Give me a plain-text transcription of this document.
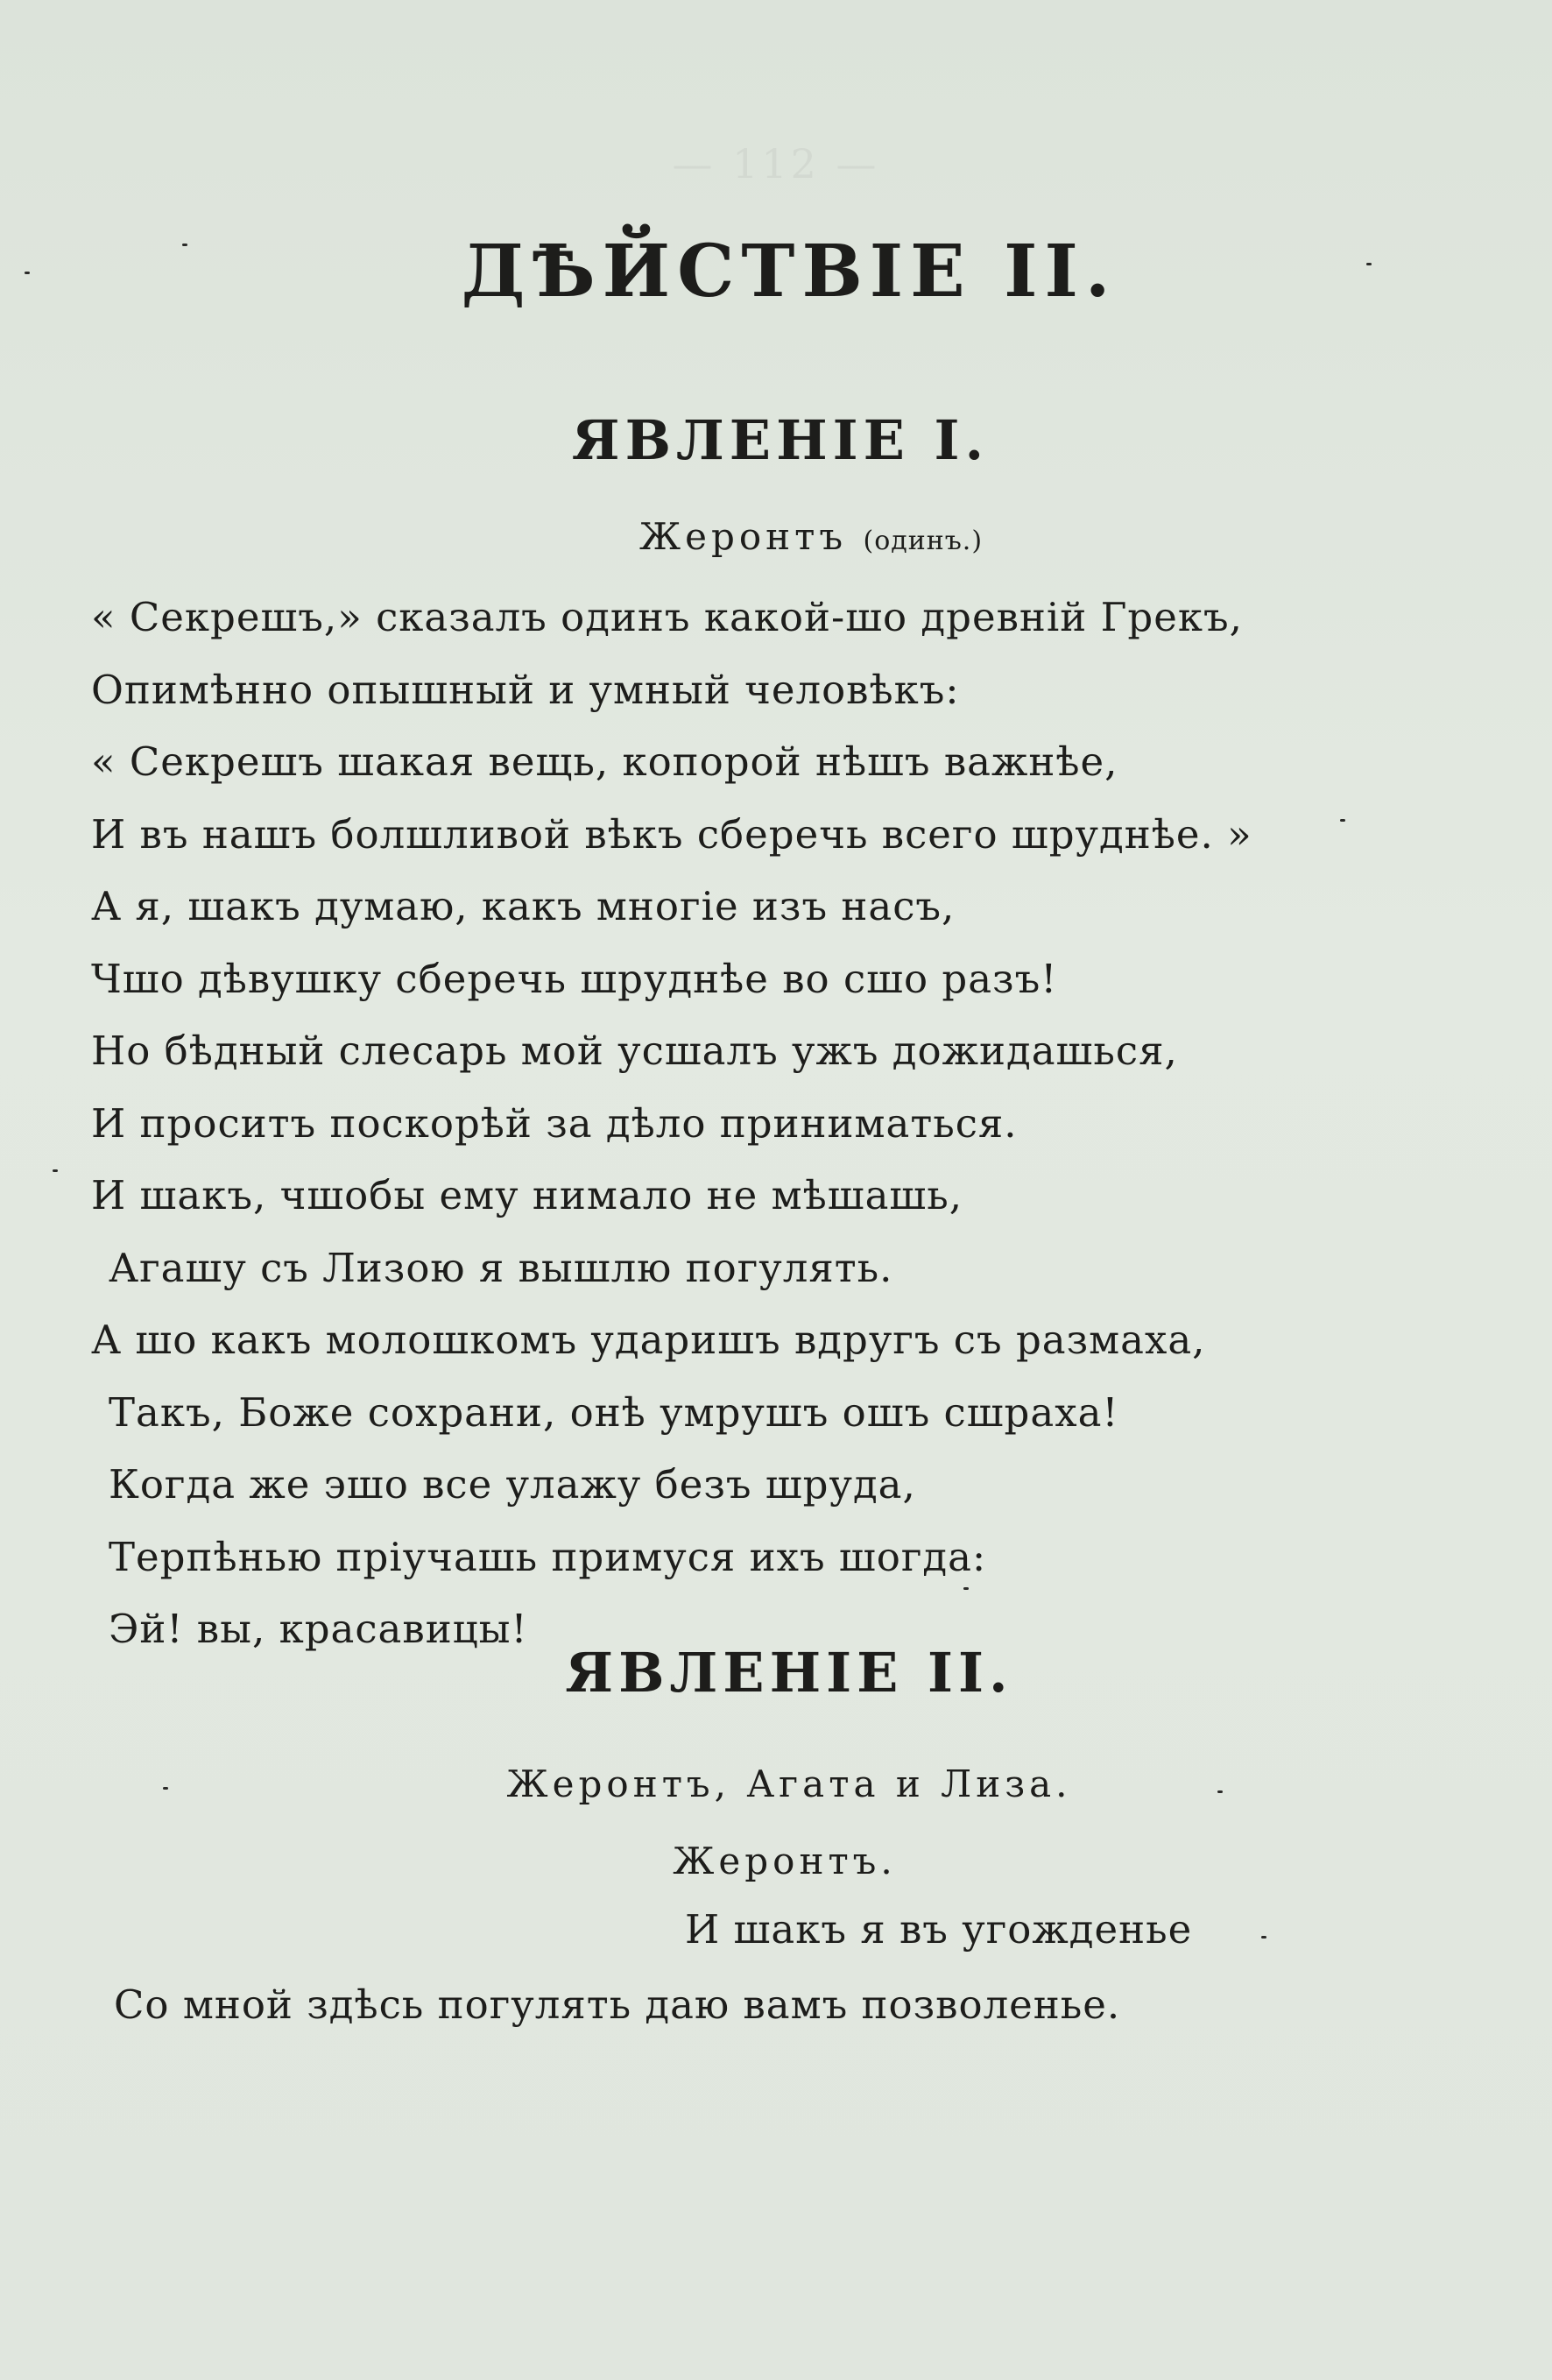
— 112 —
ДѢЙСТВІЕ II.
ЯВЛЕНІЕ I.
Жеронтъ (одинъ.)
« Секрешъ,» сказалъ одинъ какой-шо древній Грекъ,
Опимѣнно опышный и умный человѣкъ:
« Секрешъ шакая вещь, копорой нѣшъ важнѣе,
И въ нашъ болшливой вѣкъ сберечь всего шруднѣе. »
А я, шакъ думаю, какъ многіе изъ насъ,
Чшо дѣвушку сберечь шруднѣе во сшо разъ!
Но бѣдный слесарь мой усшалъ ужъ дожидашься,
И проситъ поскорѣй за дѣло приниматься.
И шакъ, чшобы ему нимало не мѣшашь,
Агашу съ Лизою я вышлю погулять.
А шо какъ молошкомъ ударишъ вдругъ съ размаха,
Такъ, Боже сохрани, онѣ умрушъ ошъ сшраха!
Когда же эшо все улажу безъ шруда,
Терпѣнью пріучашь примуся ихъ шогда:
Эй! вы, красавицы!
ЯВЛЕНІЕ II.
Жеронтъ, Агата и Лиза.
Жеронтъ.
И шакъ я въ угожденье
Со мной здѣсь погулять даю вамъ позволенье.
